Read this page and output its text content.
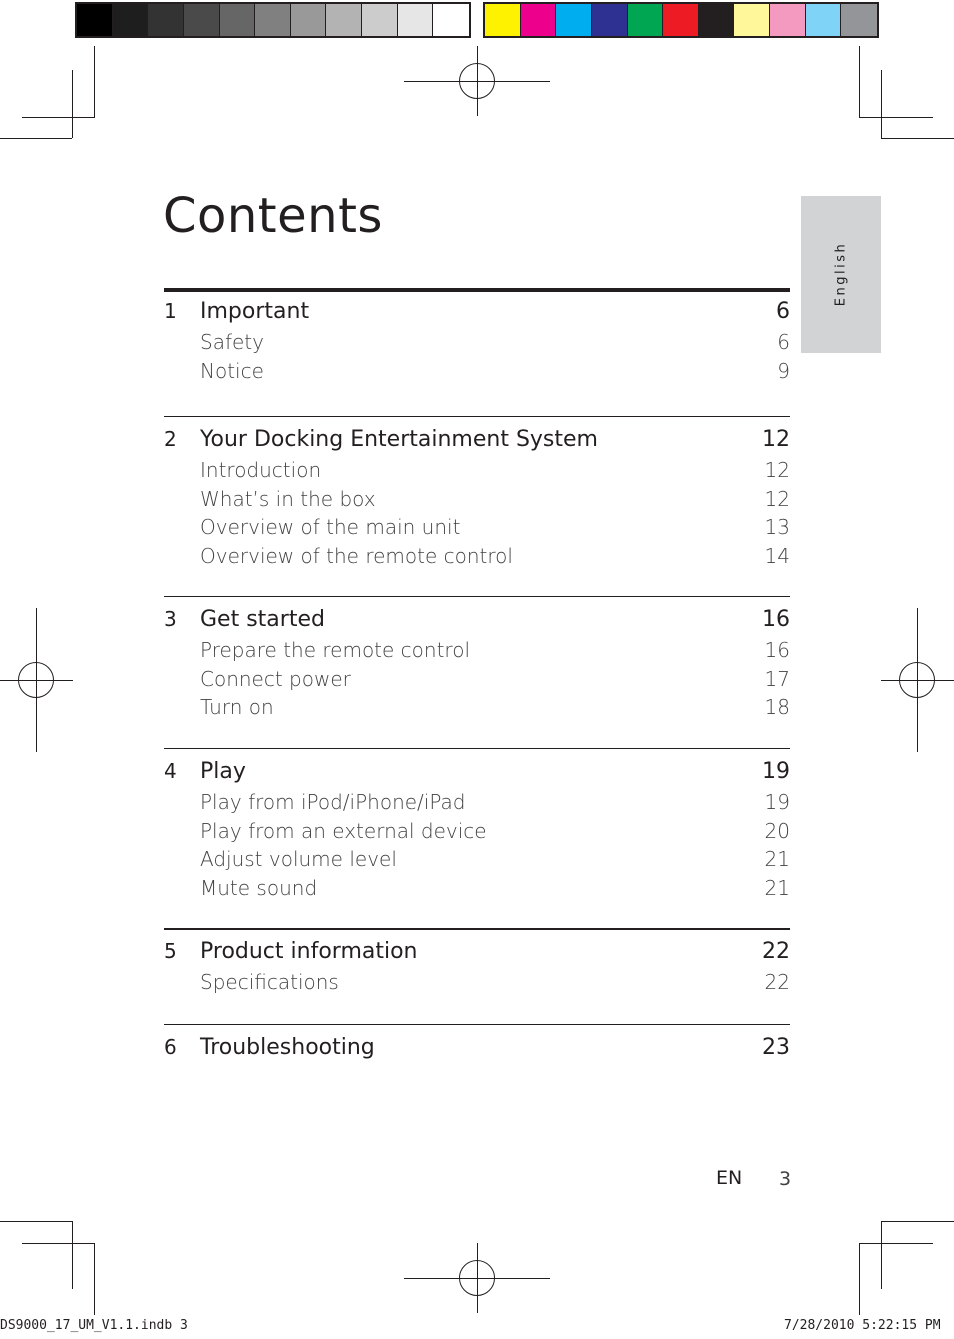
English
Contents
1 Important	6
Safety	6
Notice	9
2 Your Docking Entertainment System	12
Introduction	12
What’s in the box	12
Overview of the main unit	13
Overview of the remote control	14
3 Get started	16
Prepare the remote control	16
Connect power	17
Turn on	18
4 Play	19
Play from iPod/iPhone/iPad	19
Play from an external device	20
Adjust volume level	21
Mute sound	21
5 Product information	22
Specifications	22
6 Troubleshooting	23
EN 3
DS9000_17_UM_V1.1.indb 3	7/28/2010 5:22:15 PM
